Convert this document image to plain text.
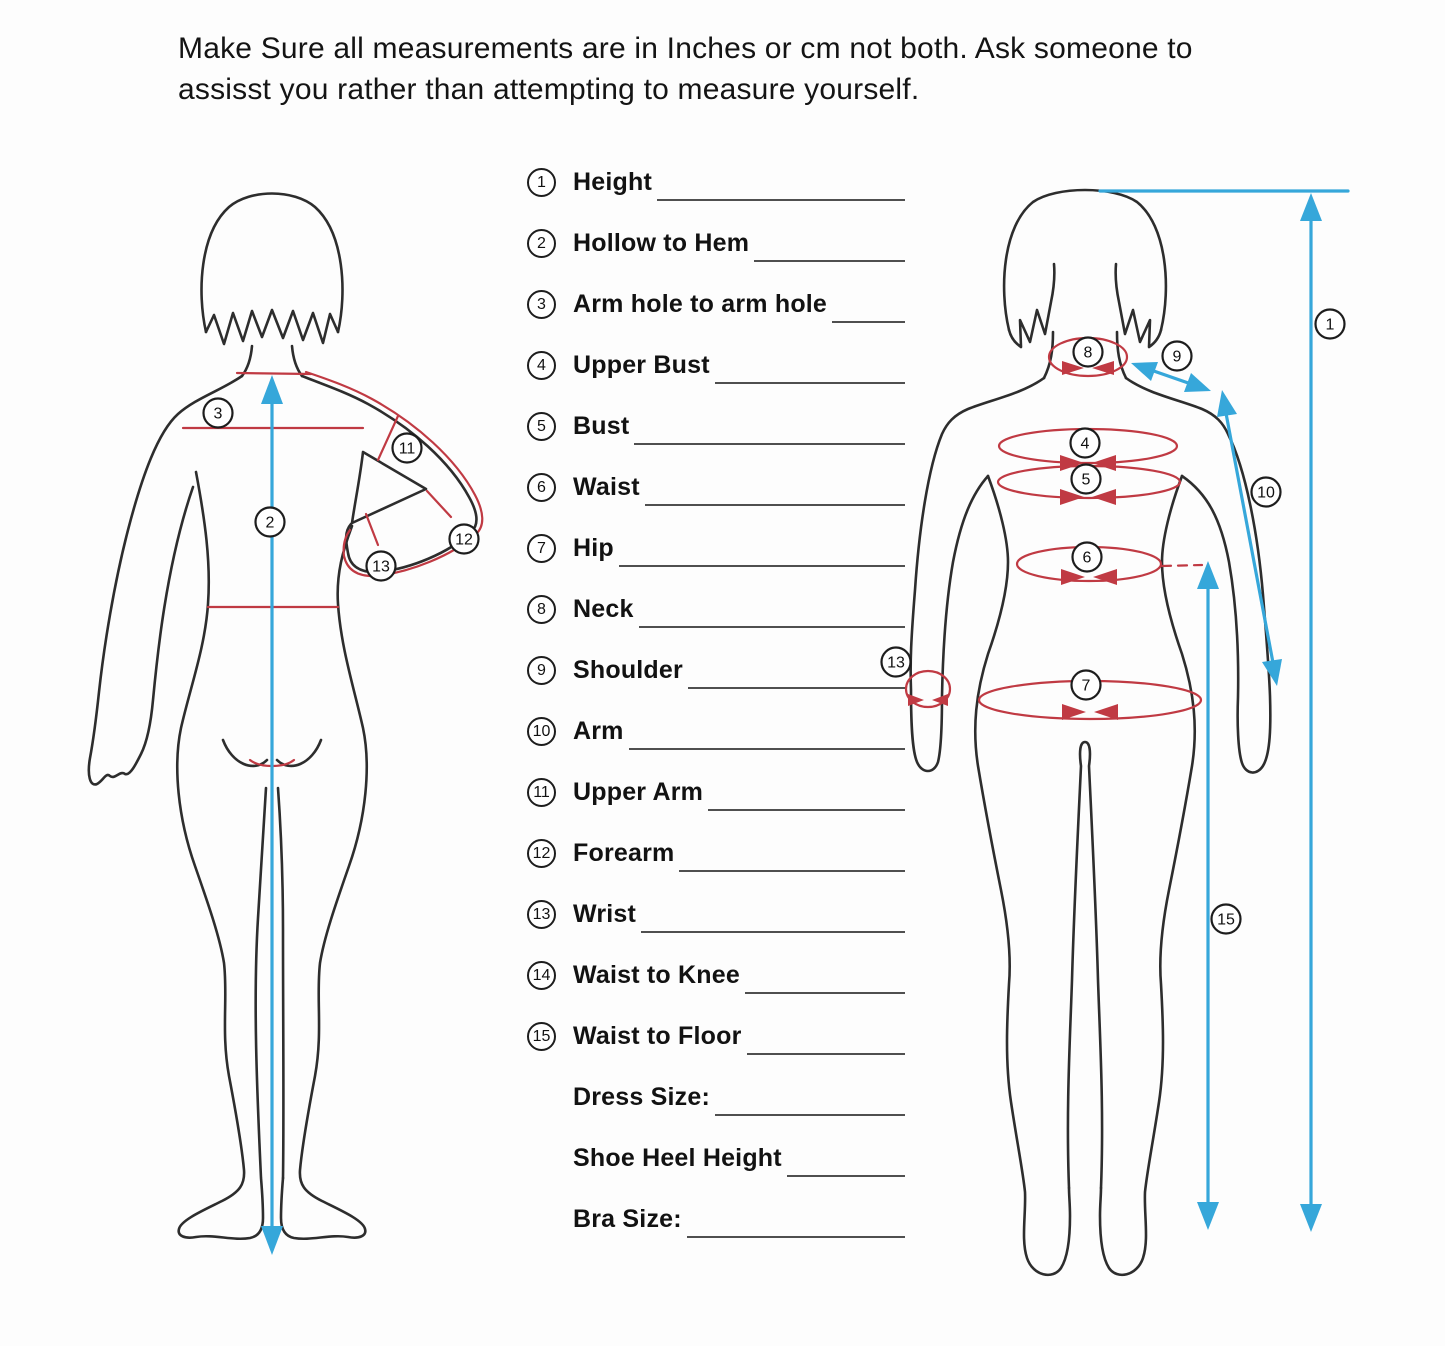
Make Sure all measurements are in Inches or cm not both. Ask someone to
assisst you rather than attempting to measure yourself.
1	Height
2	Hollow to Hem
3	Arm hole to arm hole
4	Upper Bust
5	Bust
6	Waist
7	Hip
8	Neck
9	Shoulder
10 Arm
11 Upper Arm
12 Forearm
13 Wrist
14 Waist to Knee
15 Waist to Floor
Dress Size:
Shoe Heel Height
Bra Size:
3
2
11
12
13
8	9
1
4
5
10
6
13
7
15
